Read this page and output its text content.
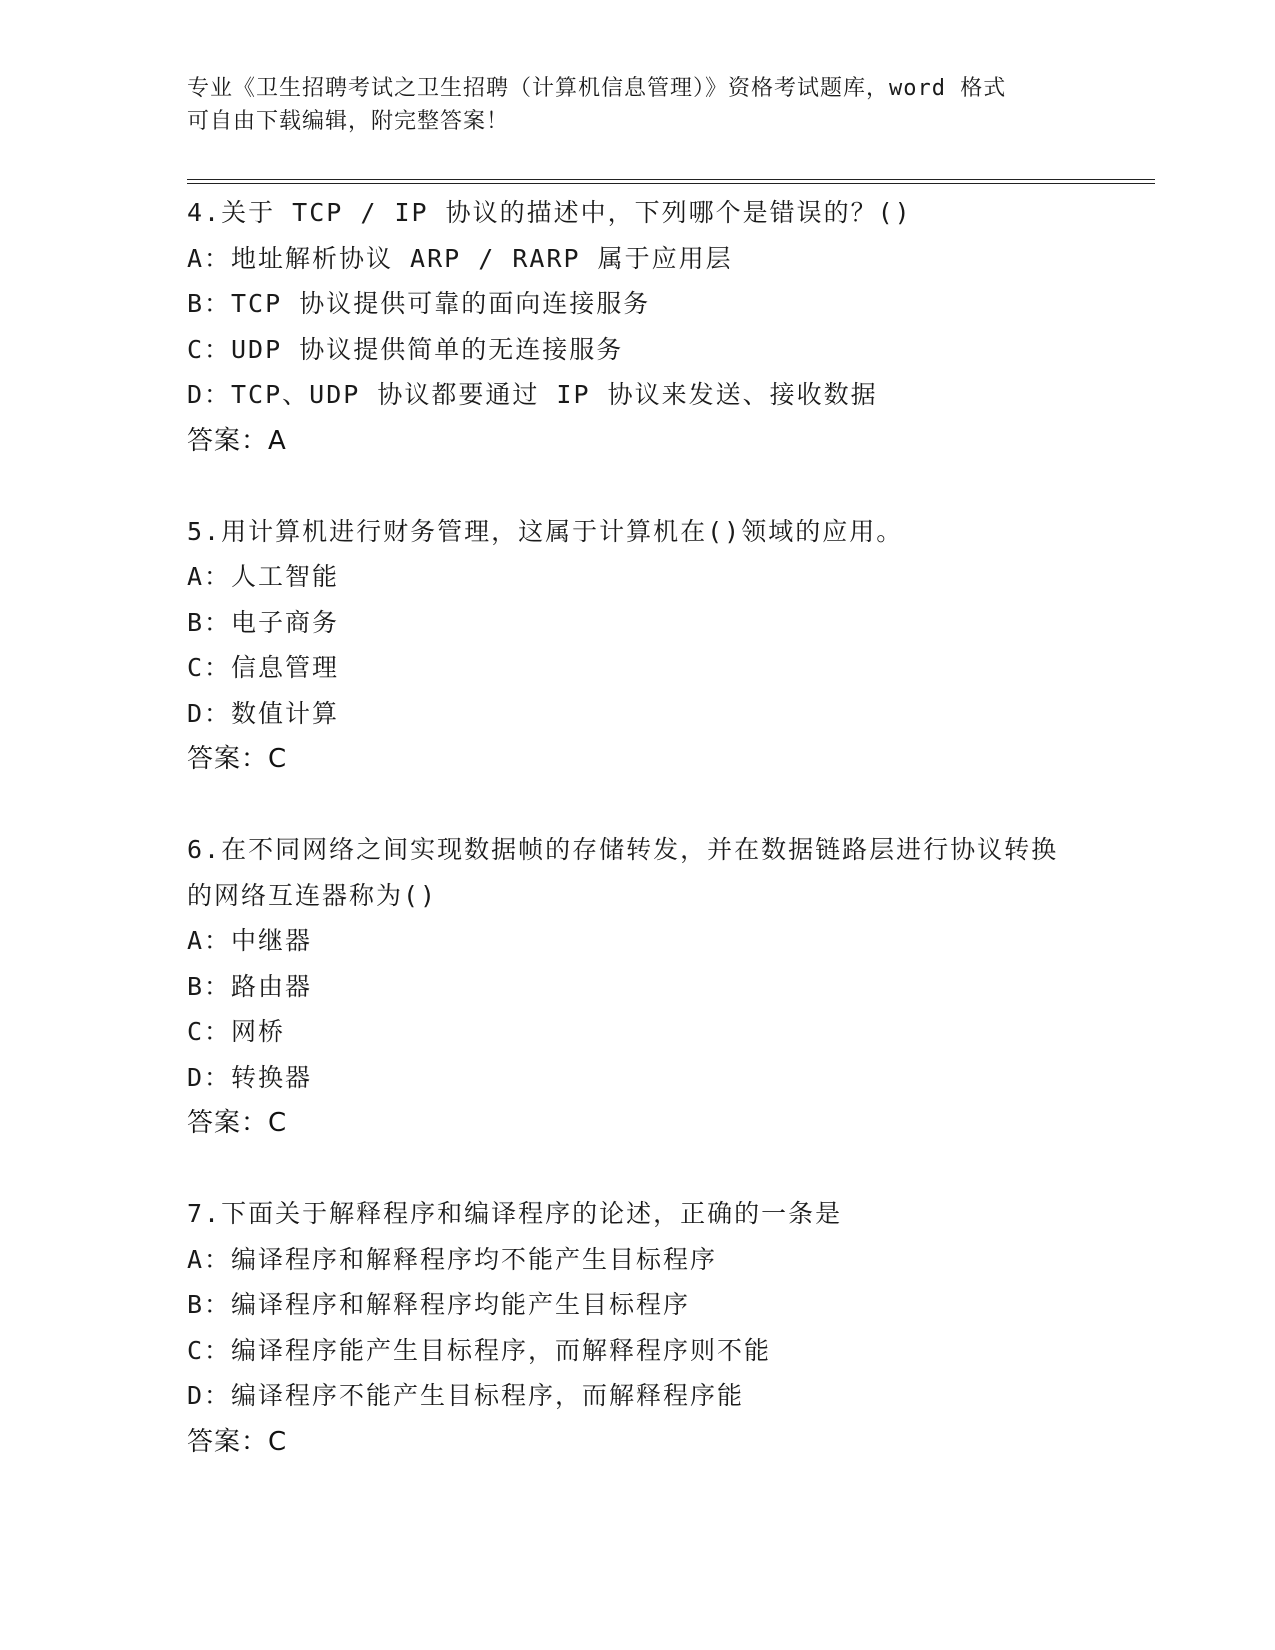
专业《卫生招聘考试之卫生招聘（计算机信息管理）》资格考试题库，word 格式
可自由下载编辑，附完整答案！
4.关于 TCP / IP 协议的描述中，下列哪个是错误的？()
A：地址解析协议 ARP / RARP 属于应用层
B：TCP 协议提供可靠的面向连接服务
C：UDP 协议提供简单的无连接服务
D：TCP、UDP 协议都要通过 IP 协议来发送、接收数据
答案：A
5.用计算机进行财务管理，这属于计算机在()领域的应用。
A：人工智能
B：电子商务
C：信息管理
D：数值计算
答案：C
6.在不同网络之间实现数据帧的存储转发，并在数据链路层进行协议转换的网络互连器称为()
A：中继器
B：路由器
C：网桥
D：转换器
答案：C
7.下面关于解释程序和编译程序的论述，正确的一条是
A：编译程序和解释程序均不能产生目标程序
B：编译程序和解释程序均能产生目标程序
C：编译程序能产生目标程序，而解释程序则不能
D：编译程序不能产生目标程序，而解释程序能
答案：C
